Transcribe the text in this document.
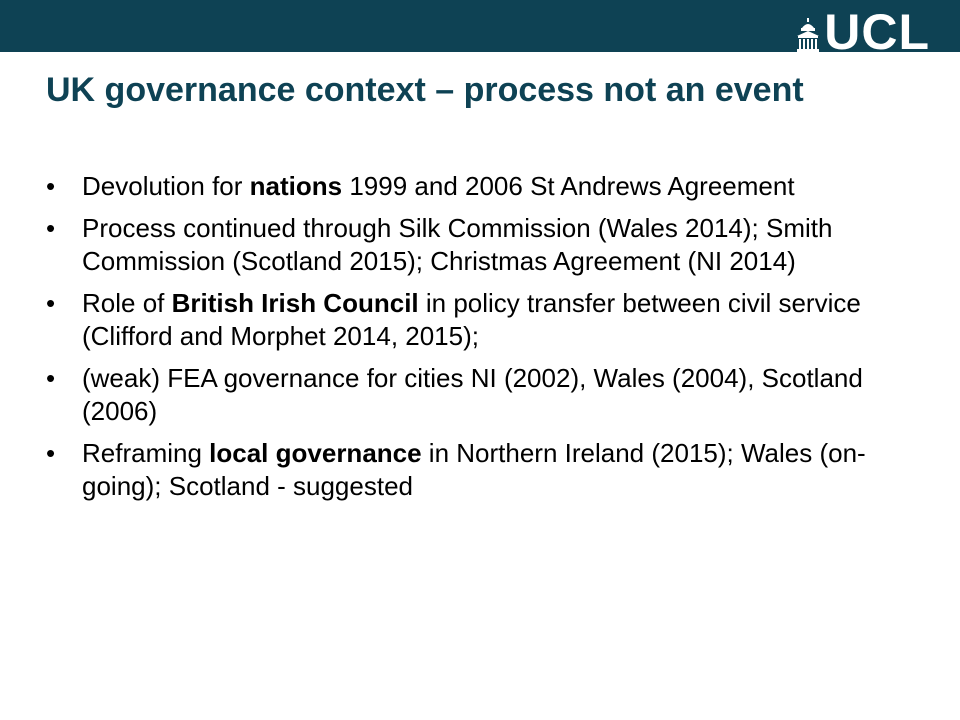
UCL
UK governance context – process not an event
• Devolution for nations 1999 and 2006 St Andrews Agreement
• Process continued through Silk Commission (Wales 2014); Smith Commission (Scotland 2015); Christmas Agreement (NI 2014)
• Role of British Irish Council in policy transfer between civil service (Clifford and Morphet 2014, 2015);
• (weak) FEA governance for cities NI (2002), Wales (2004), Scotland (2006)
• Reframing local governance in Northern Ireland (2015); Wales (on-going); Scotland - suggested
